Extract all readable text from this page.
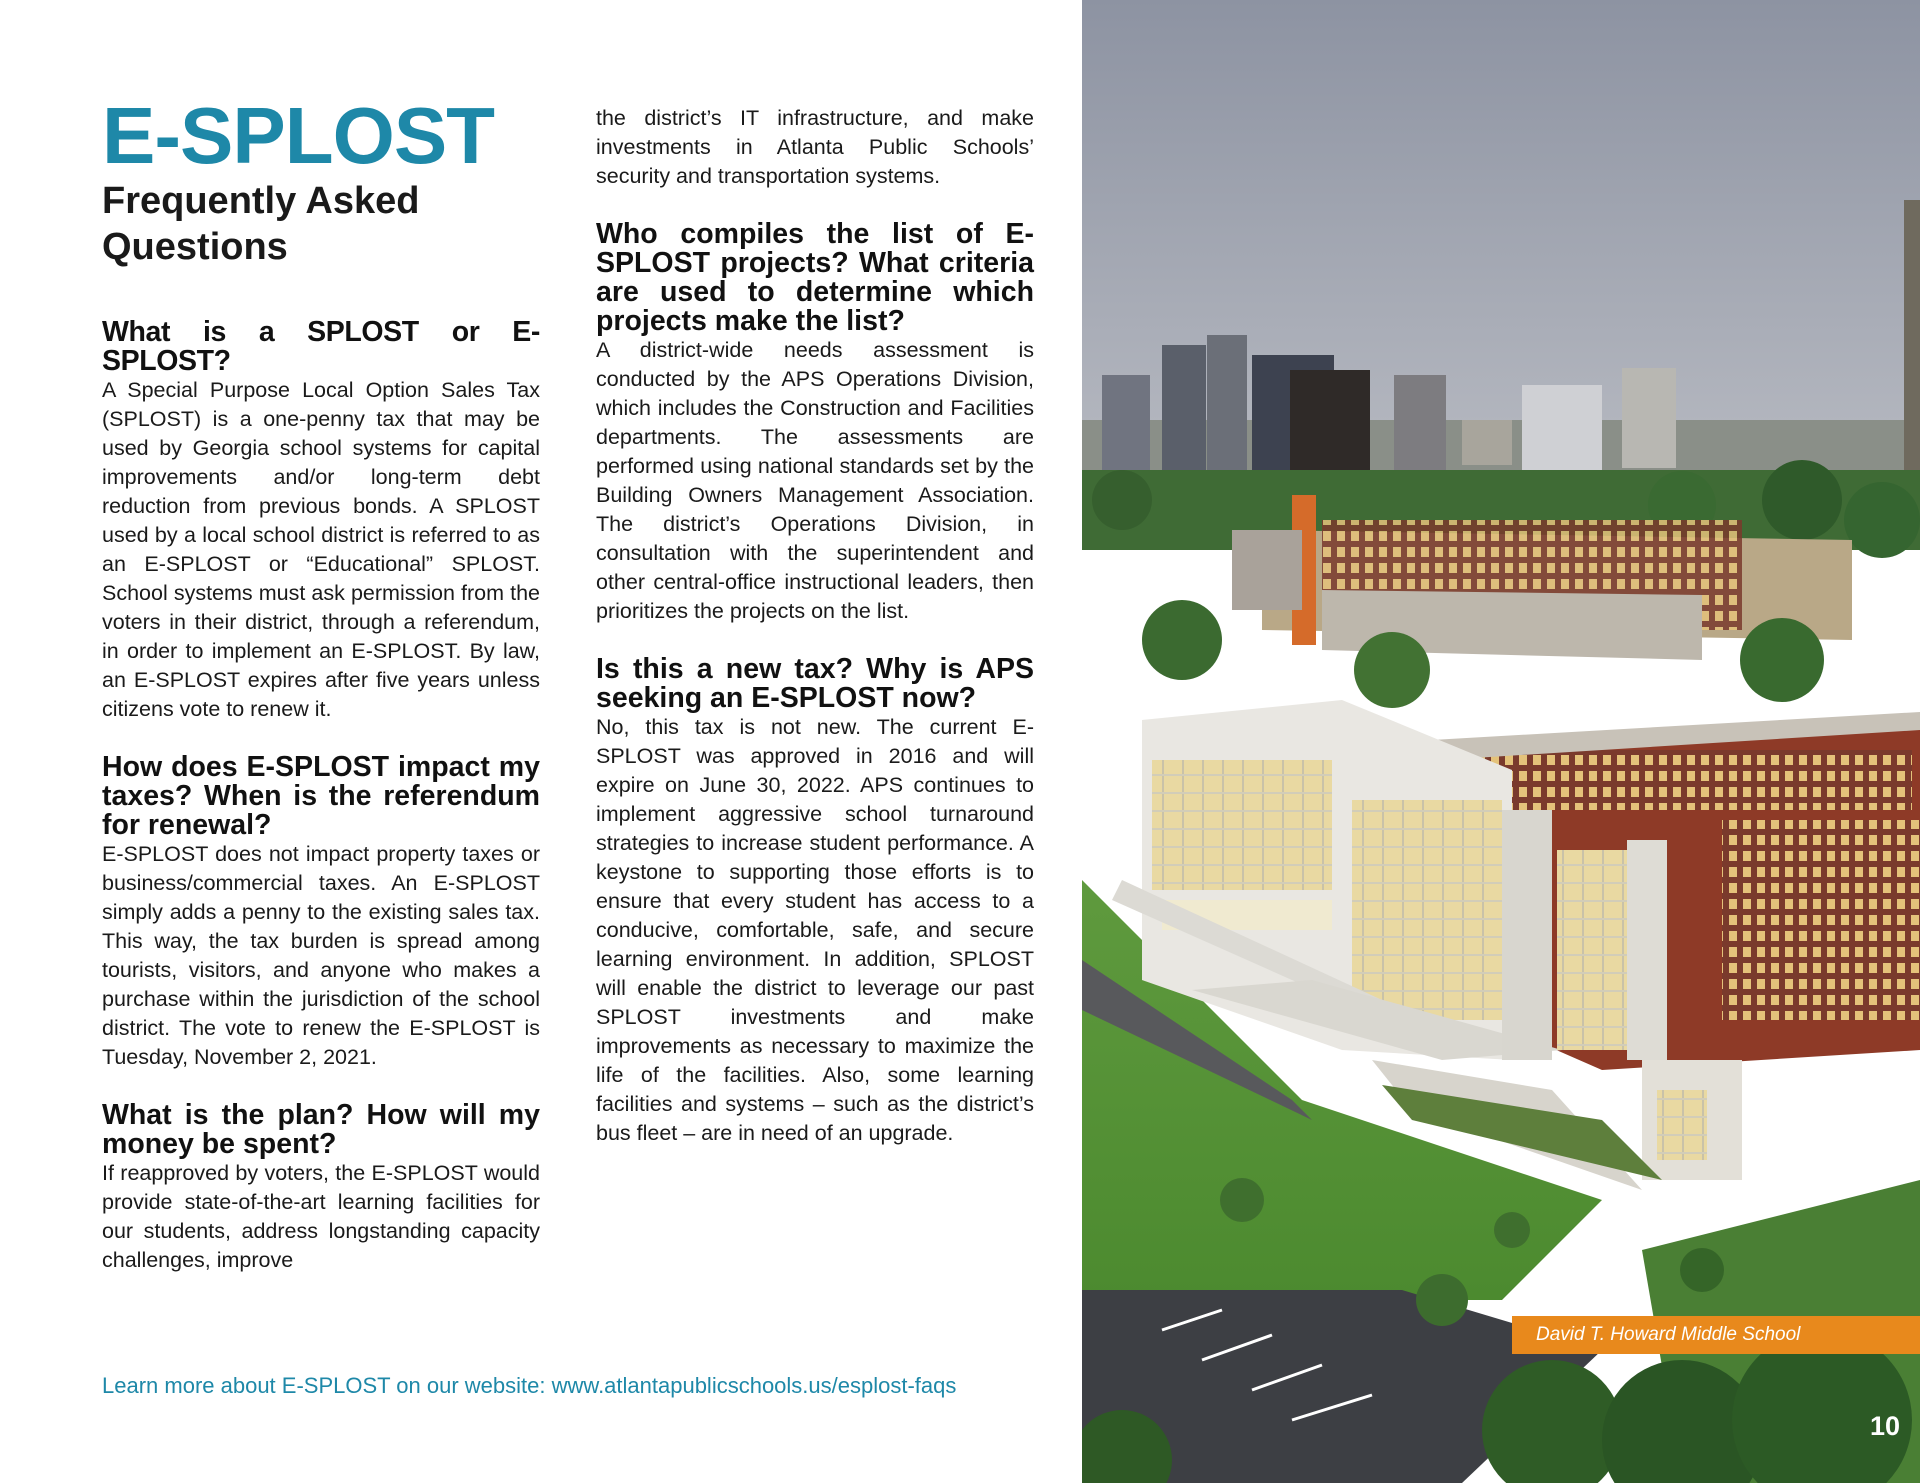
E-SPLOST
Frequently Asked Questions
What is a SPLOST or E-SPLOST?

A Special Purpose Local Option Sales Tax (SPLOST) is a one-penny tax that may be used by Georgia school systems for capital improvements and/or long-term debt reduction from previous bonds. A SPLOST used by a local school district is referred to as an E-SPLOST or “Educational” SPLOST. School systems must ask permission from the voters in their district, through a referendum, in order to implement an E-SPLOST. By law, an E-SPLOST expires after five years unless citizens vote to renew it.

How does E-SPLOST impact my taxes? When is the referendum for renewal?

E-SPLOST does not impact property taxes or business/commercial taxes. An E-SPLOST simply adds a penny to the existing sales tax. This way, the tax burden is spread among tourists, visitors, and anyone who makes a purchase within the jurisdiction of the school district. The vote to renew the E-SPLOST is Tuesday, November 2, 2021.

What is the plan? How will my money be spent?

If reapproved by voters, the E-SPLOST would provide state-of-the-art learning facilities for our students, address longstanding capacity challenges, improve

the district’s IT infrastructure, and make investments in Atlanta Public Schools’ security and transportation systems.

Who compiles the list of E-SPLOST projects? What criteria are used to determine which projects make the list?

A district-wide needs assessment is conducted by the APS Operations Division, which includes the Construction and Facilities departments. The assessments are performed using national standards set by the Building Owners Management Association. The district’s Operations Division, in consultation with the superintendent and other central-office instructional leaders, then prioritizes the projects on the list.

Is this a new tax? Why is APS seeking an E-SPLOST now?

No, this tax is not new. The current E-SPLOST was approved in 2016 and will expire on June 30, 2022. APS continues to implement aggressive school turnaround strategies to increase student performance. A keystone to supporting those efforts is to ensure that every student has access to a conducive, comfortable, safe, and secure learning environment. In addition, SPLOST will enable the district to leverage our past SPLOST investments and make improvements as necessary to maximize the life of the facilities. Also, some learning facilities and systems – such as the district’s bus fleet – are in need of an upgrade.

Learn more about E-SPLOST on our website: www.atlantapublicschools.us/esplost-faqs
David T. Howard Middle School
10
